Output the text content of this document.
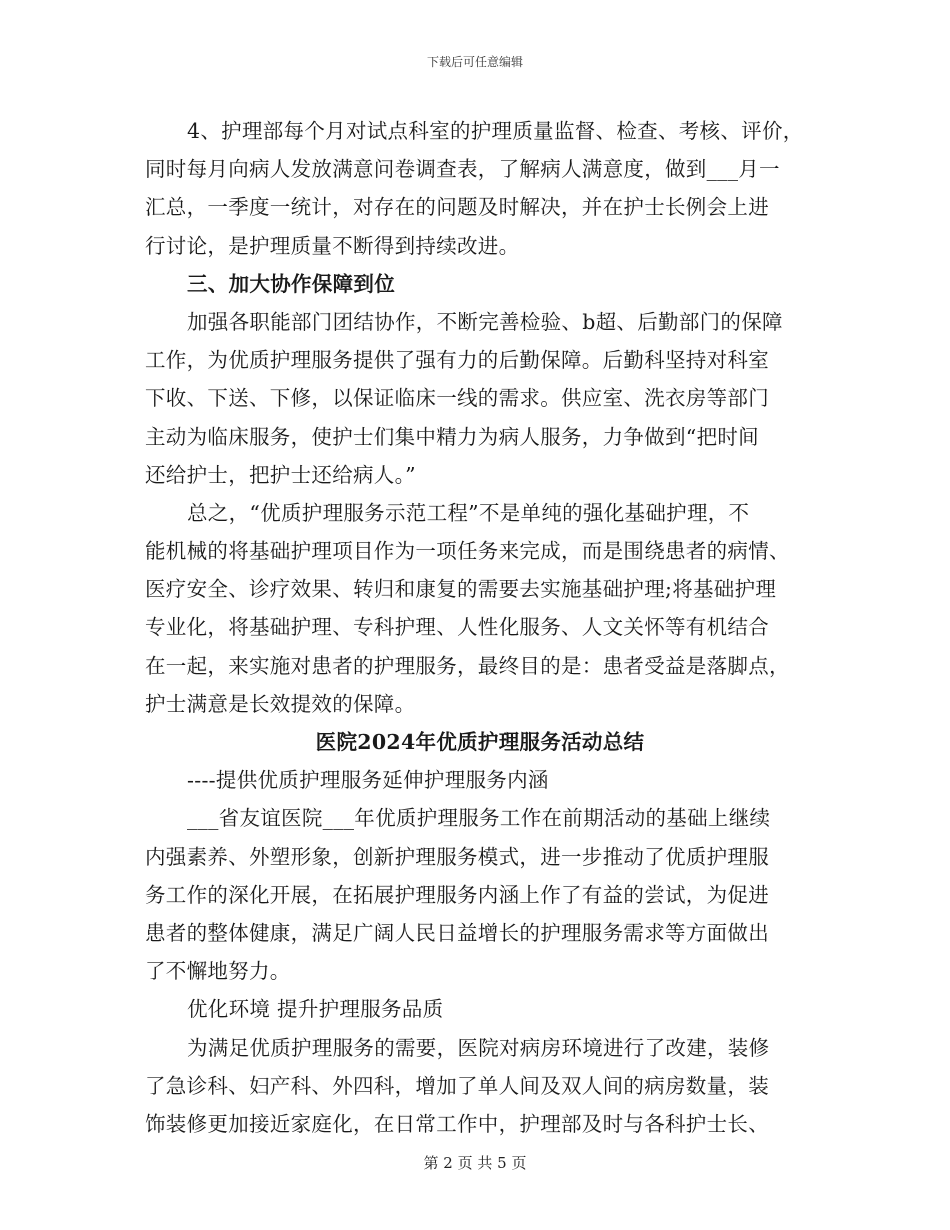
下载后可任意编辑
4、护理部每个月对试点科室的护理质量监督、检查、考核、评价，
同时每月向病人发放满意问卷调查表，了解病人满意度，做到___月一
汇总，一季度一统计，对存在的问题及时解决，并在护士长例会上进
行讨论，是护理质量不断得到持续改进。
三、加大协作保障到位
加强各职能部门团结协作，不断完善检验、b超、后勤部门的保障
工作，为优质护理服务提供了强有力的后勤保障。后勤科坚持对科室
下收、下送、下修，以保证临床一线的需求。供应室、洗衣房等部门
主动为临床服务，使护士们集中精力为病人服务，力争做到“把时间
还给护士，把护士还给病人。”
总之，“优质护理服务示范工程”不是单纯的强化基础护理，不
能机械的将基础护理项目作为一项任务来完成，而是围绕患者的病情、
医疗安全、诊疗效果、转归和康复的需要去实施基础护理;将基础护理
专业化，将基础护理、专科护理、人性化服务、人文关怀等有机结合
在一起，来实施对患者的护理服务，最终目的是：患者受益是落脚点，
护士满意是长效提效的保障。
医院2024年优质护理服务活动总结
----提供优质护理服务延伸护理服务内涵
___省友谊医院___年优质护理服务工作在前期活动的基础上继续
内强素养、外塑形象，创新护理服务模式，进一步推动了优质护理服
务工作的深化开展，在拓展护理服务内涵上作了有益的尝试，为促进
患者的整体健康，满足广阔人民日益增长的护理服务需求等方面做出
了不懈地努力。
优化环境 提升护理服务品质
为满足优质护理服务的需要，医院对病房环境进行了改建，装修
了急诊科、妇产科、外四科，增加了单人间及双人间的病房数量，装
饰装修更加接近家庭化，在日常工作中，护理部及时与各科护士长、
第 2 页 共 5 页
